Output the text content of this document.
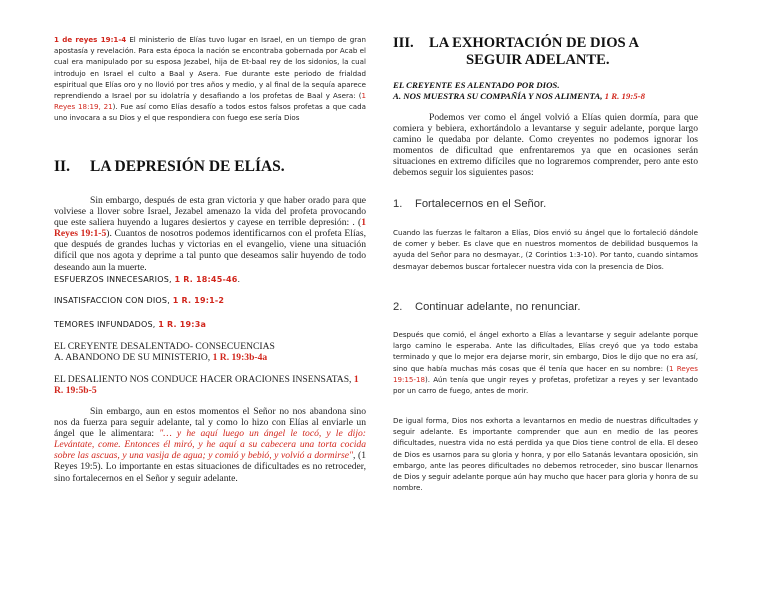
1 de reyes 19:1-4 El ministerio de Elías tuvo lugar en Israel, en un tiempo de gran apostasía y revelación. Para esta época la nación se encontraba gobernada por Acab el cual era manipulado por su esposa Jezabel, hija de Et-baal rey de los sidonios, la cual introdujo en Israel el culto a Baal y Asera. Fue durante este periodo de frialdad espiritual que Elías oro y no llovió por tres años y medio, y al final de la sequía aparece reprendiendo a Israel por su idolatría y desafiando a los profetas de Baal y Asera: (1 Reyes 18:19, 21). Fue así como Elías desafío a todos estos falsos profetas a que cada uno invocara a su Dios y el que respondiera con fuego ese sería Dios

II. LA DEPRESIÓN DE ELÍAS.

Sin embargo, después de esta gran victoria y que haber orado para que volviese a llover sobre Israel, Jezabel amenazo la vida del profeta provocando que este saliera huyendo a lugares desiertos y cayese en terrible depresión: . (1 Reyes 19:1-5). Cuantos de nosotros podemos identificarnos con el profeta Elías, que después de grandes luchas y victorias en el evangelio, viene una situación difícil que nos agota y deprime a tal punto que deseamos salir huyendo de todo deseando aun la muerte.

ESFUERZOS INNECESARIOS, 1 R. 18:45-46.
INSATISFACCION CON DIOS, 1 R. 19:1-2
TEMORES INFUNDADOS, 1 R. 19:3a
EL CREYENTE DESALENTADO- CONSECUENCIAS
A. ABANDONO DE SU MINISTERIO, 1 R. 19:3b-4a

EL DESALIENTO NOS CONDUCE HACER ORACIONES INSENSATAS, 1 R. 19:5b-5

Sin embargo, aun en estos momentos el Señor no nos abandona sino nos da fuerza para seguir adelante, tal y como lo hizo con Elías al enviarle un ángel que le alimentara: "… y he aquí luego un ángel le tocó, y le dijo: Levántate, come. Entonces él miró, y he aquí a su cabecera una torta cocida sobre las ascuas, y una vasija de agua; y comió y bebió, y volvió a dormirse", (1 Reyes 19:5). Lo importante en estas situaciones de dificultades es no retroceder, sino fortalecernos en el Señor y seguir adelante.

III. LA EXHORTACIÓN DE DIOS A
SEGUIR ADELANTE.
EL CREYENTE ES ALENTADO POR DIOS.
A. NOS MUESTRA SU COMPAÑÍA Y NOS ALIMENTA, 1 R. 19:5-8

Podemos ver como el ángel volvió a Elías quien dormía, para que comiera y bebiera, exhortándolo a levantarse y seguir adelante, porque largo camino le quedaba por delante. Como creyentes no podemos ignorar los momentos de dificultad que enfrentaremos ya que en ocasiones serán situaciones en extremo difíciles que no lograremos comprender, pero ante esto debemos seguir los siguientes pasos:

1. Fortalecernos en el Señor.

Cuando las fuerzas le faltaron a Elías, Dios envió su ángel que lo fortaleció dándole de comer y beber. Es clave que en nuestros momentos de debilidad busquemos la ayuda del Señor para no desmayar., (2 Corintios 1:3-10). Por tanto, cuando sintamos desmayar debemos buscar fortalecer nuestra vida con la presencia de Dios.

2. Continuar adelante, no renunciar.

Después que comió, el ángel exhorto a Elías a levantarse y seguir adelante porque largo camino le esperaba. Ante las dificultades, Elías creyó que ya todo estaba terminado y que lo mejor era dejarse morir, sin embargo, Dios le dijo que no era así, sino que había muchas más cosas que él tenía que hacer en su nombre: (1 Reyes 19:15-18). Aún tenía que ungir reyes y profetas, profetizar a reyes y ser levantado por un carro de fuego, antes de morir.

De igual forma, Dios nos exhorta a levantarnos en medio de nuestras dificultades y seguir adelante. Es importante comprender que aun en medio de las peores dificultades, nuestra vida no está perdida ya que Dios tiene control de ella. El deseo de Dios es usarnos para su gloria y honra, y por ello Satanás levantara oposición, sin embargo, ante las peores dificultades no debemos retroceder, sino buscar llenarnos de Dios y seguir adelante porque aún hay mucho que hacer para gloria y honra de su nombre.
